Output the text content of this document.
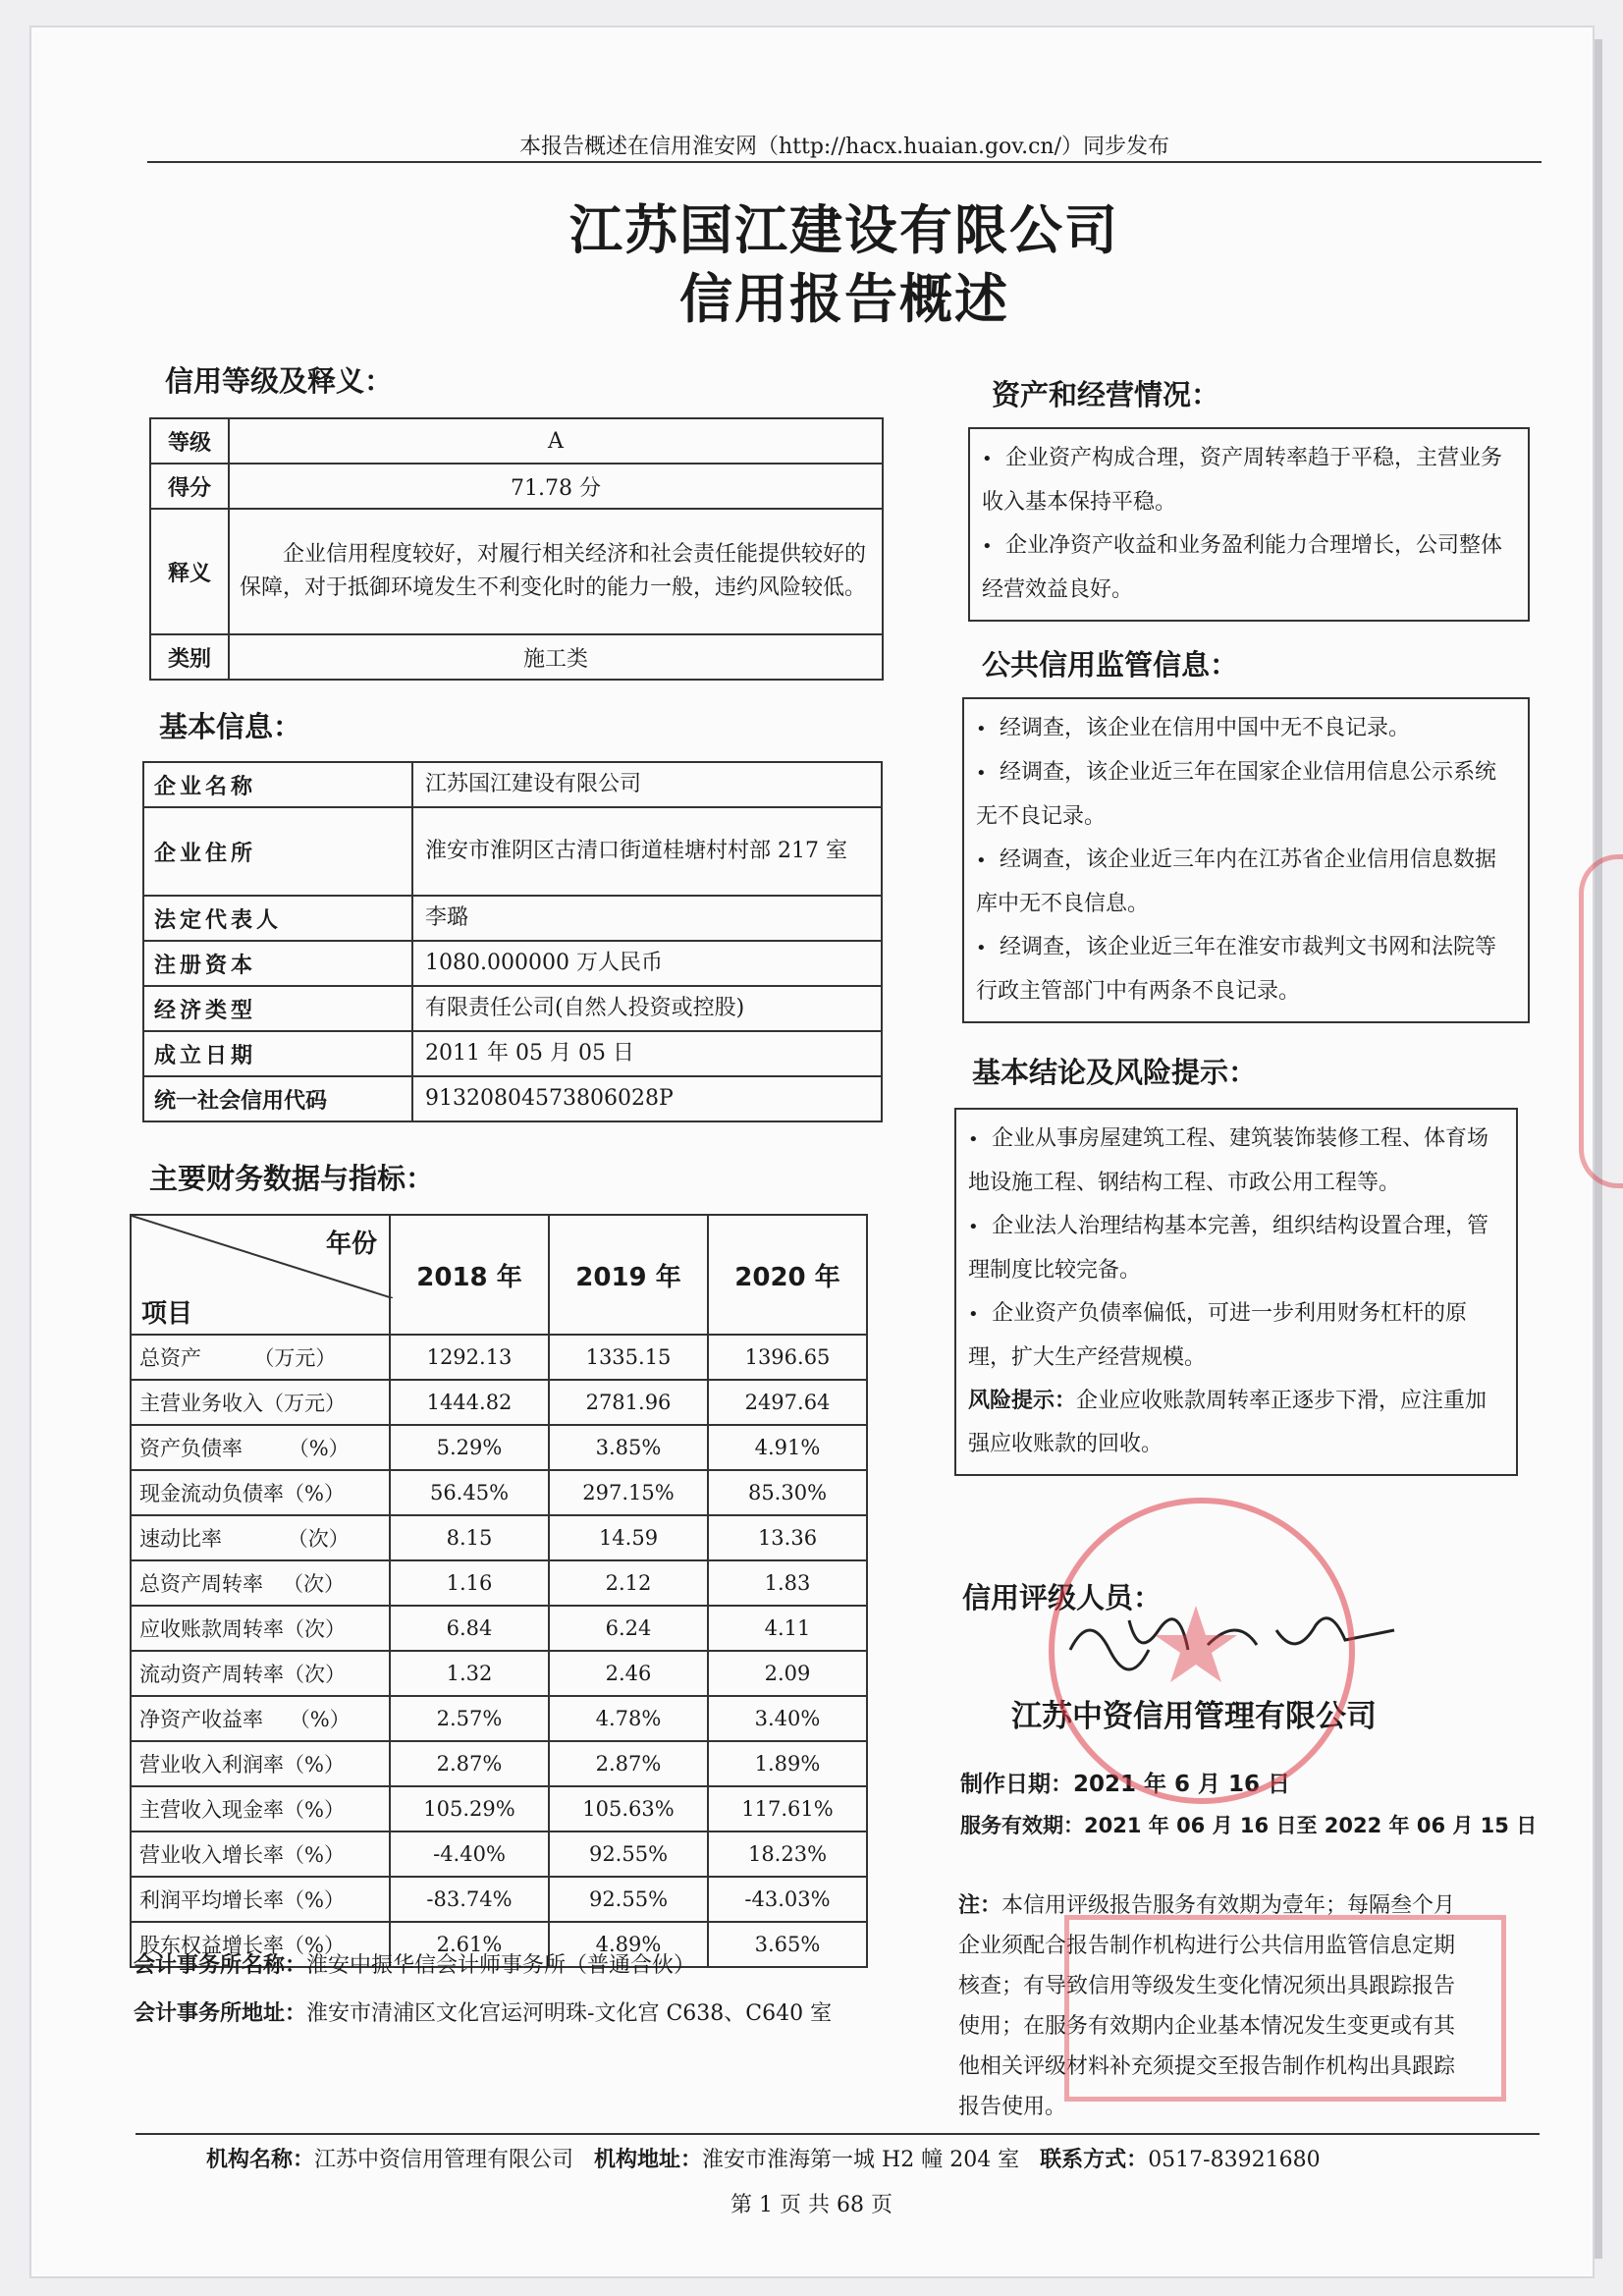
本报告概述在信用淮安网（http://hacx.huaian.gov.cn/）同步发布
江苏国江建设有限公司
信用报告概述
信用等级及释义：
等级	A
得分	71.78 分
释义	企业信用程度较好，对履行相关经济和社会责任能提供较好的保障，对于抵御环境发生不利变化时的能力一般，违约风险较低。
类别	施工类
基本信息：
企业名称	江苏国江建设有限公司
企业住所	淮安市淮阴区古清口街道桂塘村村部 217 室
法定代表人	李璐
注册资本	1080.000000 万人民币
经济类型	有限责任公司(自然人投资或控股)
成立日期	2011 年 05 月 05 日
统一社会信用代码	91320804573806028P
主要财务数据与指标：

年份

项目	2018 年	2019 年	2020 年
总资产        （万元）	1292.13	1335.15	1396.65
主营业务收入（万元）	1444.82	2781.96	2497.64
资产负债率       （%）	5.29%	3.85%	4.91%
现金流动负债率（%）	56.45%	297.15%	85.30%
速动比率          （次）	8.15	14.59	13.36
总资产周转率   （次）	1.16	2.12	1.83
应收账款周转率（次）	6.84	6.24	4.11
流动资产周转率（次）	1.32	2.46	2.09
净资产收益率    （%）	2.57%	4.78%	3.40%
营业收入利润率（%）	2.87%	2.87%	1.89%
主营收入现金率（%）	105.29%	105.63%	117.61%
营业收入增长率（%）	-4.40%	92.55%	18.23%
利润平均增长率（%）	-83.74%	92.55%	-43.03%
股东权益增长率（%）	2.61%	4.89%	3.65%
会计事务所名称：淮安中振华信会计师事务所（普通合伙）
会计事务所地址：淮安市清浦区文化宫运河明珠-文化宫 C638、C640 室
资产和经营情况：

• 企业资产构成合理，资产周转率趋于平稳，主营业务收入基本保持平稳。

• 企业净资产收益和业务盈利能力合理增长，公司整体经营效益良好。

公共信用监管信息：

• 经调查，该企业在信用中国中无不良记录。

• 经调查，该企业近三年在国家企业信用信息公示系统无不良记录。

• 经调查，该企业近三年内在江苏省企业信用信息数据库中无不良信息。

• 经调查，该企业近三年在淮安市裁判文书网和法院等行政主管部门中有两条不良记录。

基本结论及风险提示：

• 企业从事房屋建筑工程、建筑装饰装修工程、体育场地设施工程、钢结构工程、市政公用工程等。

• 企业法人治理结构基本完善，组织结构设置合理，管理制度比较完备。

• 企业资产负债率偏低，可进一步利用财务杠杆的原理，扩大生产经营规模。

风险提示：企业应收账款周转率正逐步下滑，应注重加强应收账款的回收。

信用评级人员：
江苏中资信用管理有限公司
制作日期：2021 年 6 月 16 日
服务有效期：2021 年 06 月 16 日至 2022 年 06 月 15 日
注：本信用评级报告服务有效期为壹年；每隔叁个月企业须配合报告制作机构进行公共信用监管信息定期核查；有导致信用等级发生变化情况须出具跟踪报告使用；在服务有效期内企业基本情况发生变更或有其他相关评级材料补充须提交至报告制作机构出具跟踪报告使用。
机构名称：江苏中资信用管理有限公司 机构地址：淮安市淮海第一城 H2 幢 204 室 联系方式：0517-83921680
第 1 页 共 68 页
